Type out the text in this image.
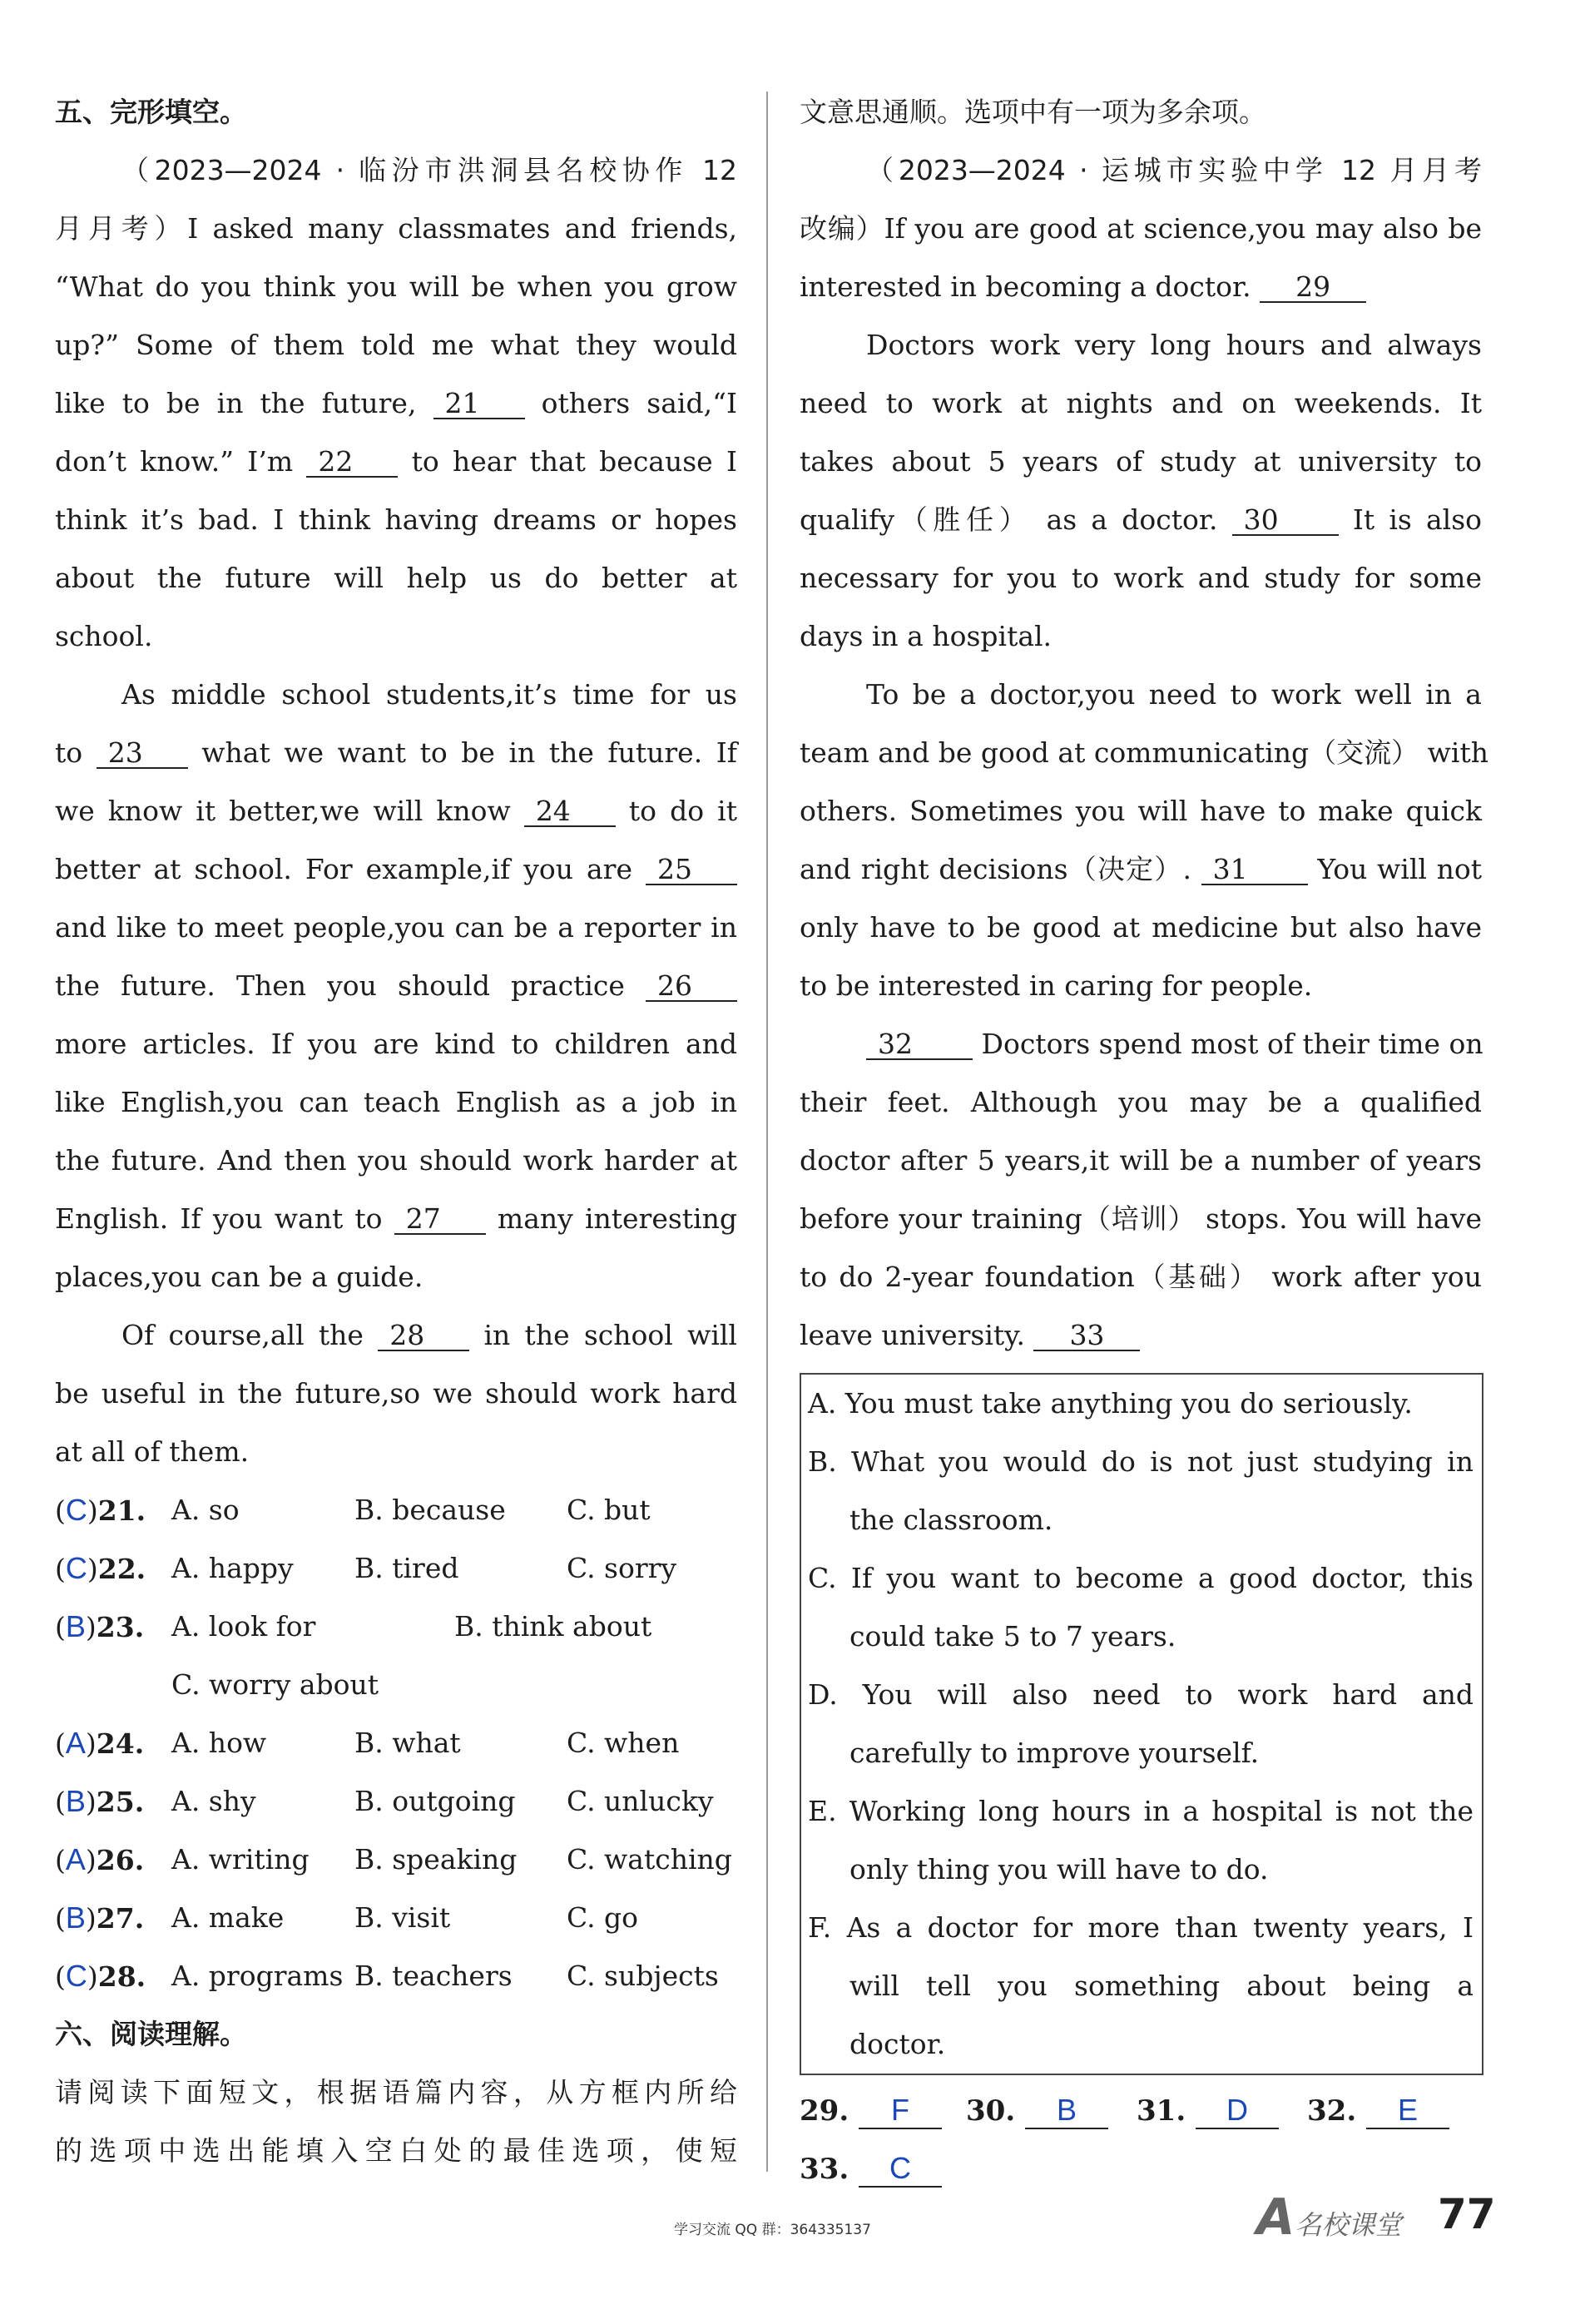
五、完形填空。
（2023—2024 · 临汾市洪洞县名校协作 12
月月考）I asked many classmates and friends,
“What do you think you will be when you grow
up?” Some of them told me what they would
like to be in the future, 21 others said,“I
don’t know.” I’m 22 to hear that because I
think it’s bad. I think having dreams or hopes
about the future will help us do better at
school.
As middle school students,it’s time for us
to 23 what we want to be in the future. If
we know it better,we will know 24 to do it
better at school. For example,if you are 25
and like to meet people,you can be a reporter in
the future. Then you should practice 26
more articles. If you are kind to children and
like English,you can teach English as a job in
the future. And then you should work harder at
English. If you want to 27 many interesting
places,you can be a guide.
Of course,all the 28 in the school will
be useful in the future,so we should work hard
at all of them.
(C)21. A. so	B. because C. but
(C)22. A. happy B. tired	C. sorry
(B)23. A. look for	B. think about
C. worry about
(A)24. A. how	B. what	C. when
(B)25. A. shy	B. outgoing C. unlucky
(A)26. A. writing B. speaking C. watching
(B)27. A. make	B. visit	C. go
(C)28. A. programs B. teachers C. subjects
六、阅读理解。
请阅读下面短文，根据语篇内容，从方框内所给
的选项中选出能填入空白处的最佳选项，使短
文意思通顺。选项中有一项为多余项。
（2023—2024 · 运城市实验中学 12 月月考
改编）If you are good at science,you may also be
interested in becoming a doctor. 29
Doctors work very long hours and always
need to work at nights and on weekends. It
takes about 5 years of study at university to
qualify（胜任） as a doctor. 30	It is also
necessary for you to work and study for some
days in a hospital.
To be a doctor,you need to work well in a
team and be good at communicating（交流） with
others. Sometimes you will have to make quick
and right decisions（决定）. 31	You will not
only have to be good at medicine but also have
to be interested in caring for people.
32	Doctors spend most of their time on
their feet. Although you may be a qualified
doctor after 5 years,it will be a number of years
before your training（培训） stops. You will have
to do 2-year foundation（基础） work after you
leave university. 33
A. You must take anything you do seriously.
B. What you would do is not just studying in
the classroom.
C. If you want to become a good doctor, this
could take 5 to 7 years.
D. You will also need to work hard and
carefully to improve yourself.
E. Working long hours in a hospital is not the
only thing you will have to do.
F. As a doctor for more than twenty years, I
will tell you something about being a
doctor.
29. F	30. B	31. D	32. E
33. C
学习交流 QQ 群：364335137	A名校课堂 77
